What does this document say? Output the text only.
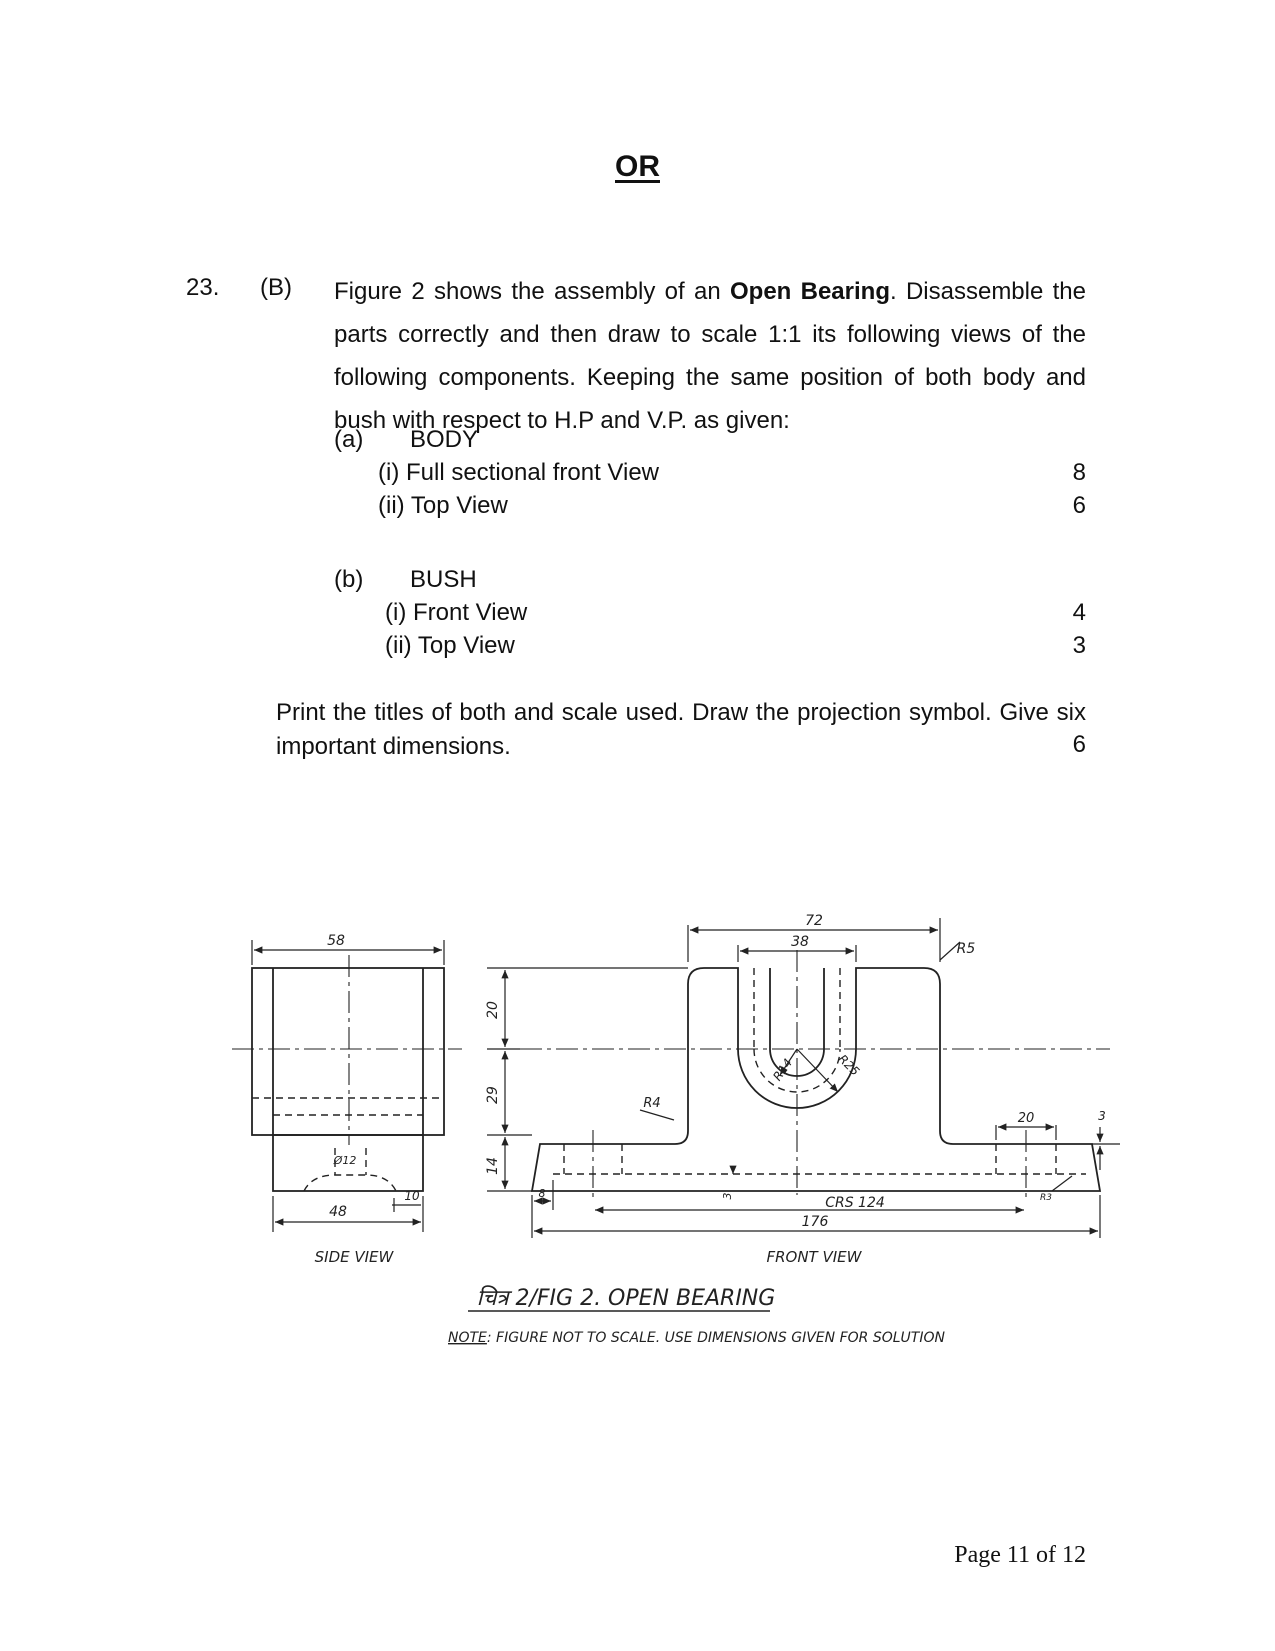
OR
23. (B) Figure 2 shows the assembly of an Open Bearing. Disassemble the parts correctly and then draw to scale 1:1 its following views of the following components. Keeping the same position of both body and bush with respect to H.P and V.P. as given:
(a) BODY
(i) Full sectional front View	8
(ii) Top View	6
(b) BUSH
(i) Front View	4
(ii) Top View	3
Print the titles of both and scale used. Draw the projection symbol. Give six important dimensions.	6
58
48
10
Ø12
SIDE VIEW
72
38	R5
20
29
14
R14	R25
R4
20	3
8	3	CRS 124
176
R3
FRONT VIEW
चित्र 2/FIG 2. OPEN BEARING
NOTE: FIGURE NOT TO SCALE. USE DIMENSIONS GIVEN FOR SOLUTION
Page 11 of 12
